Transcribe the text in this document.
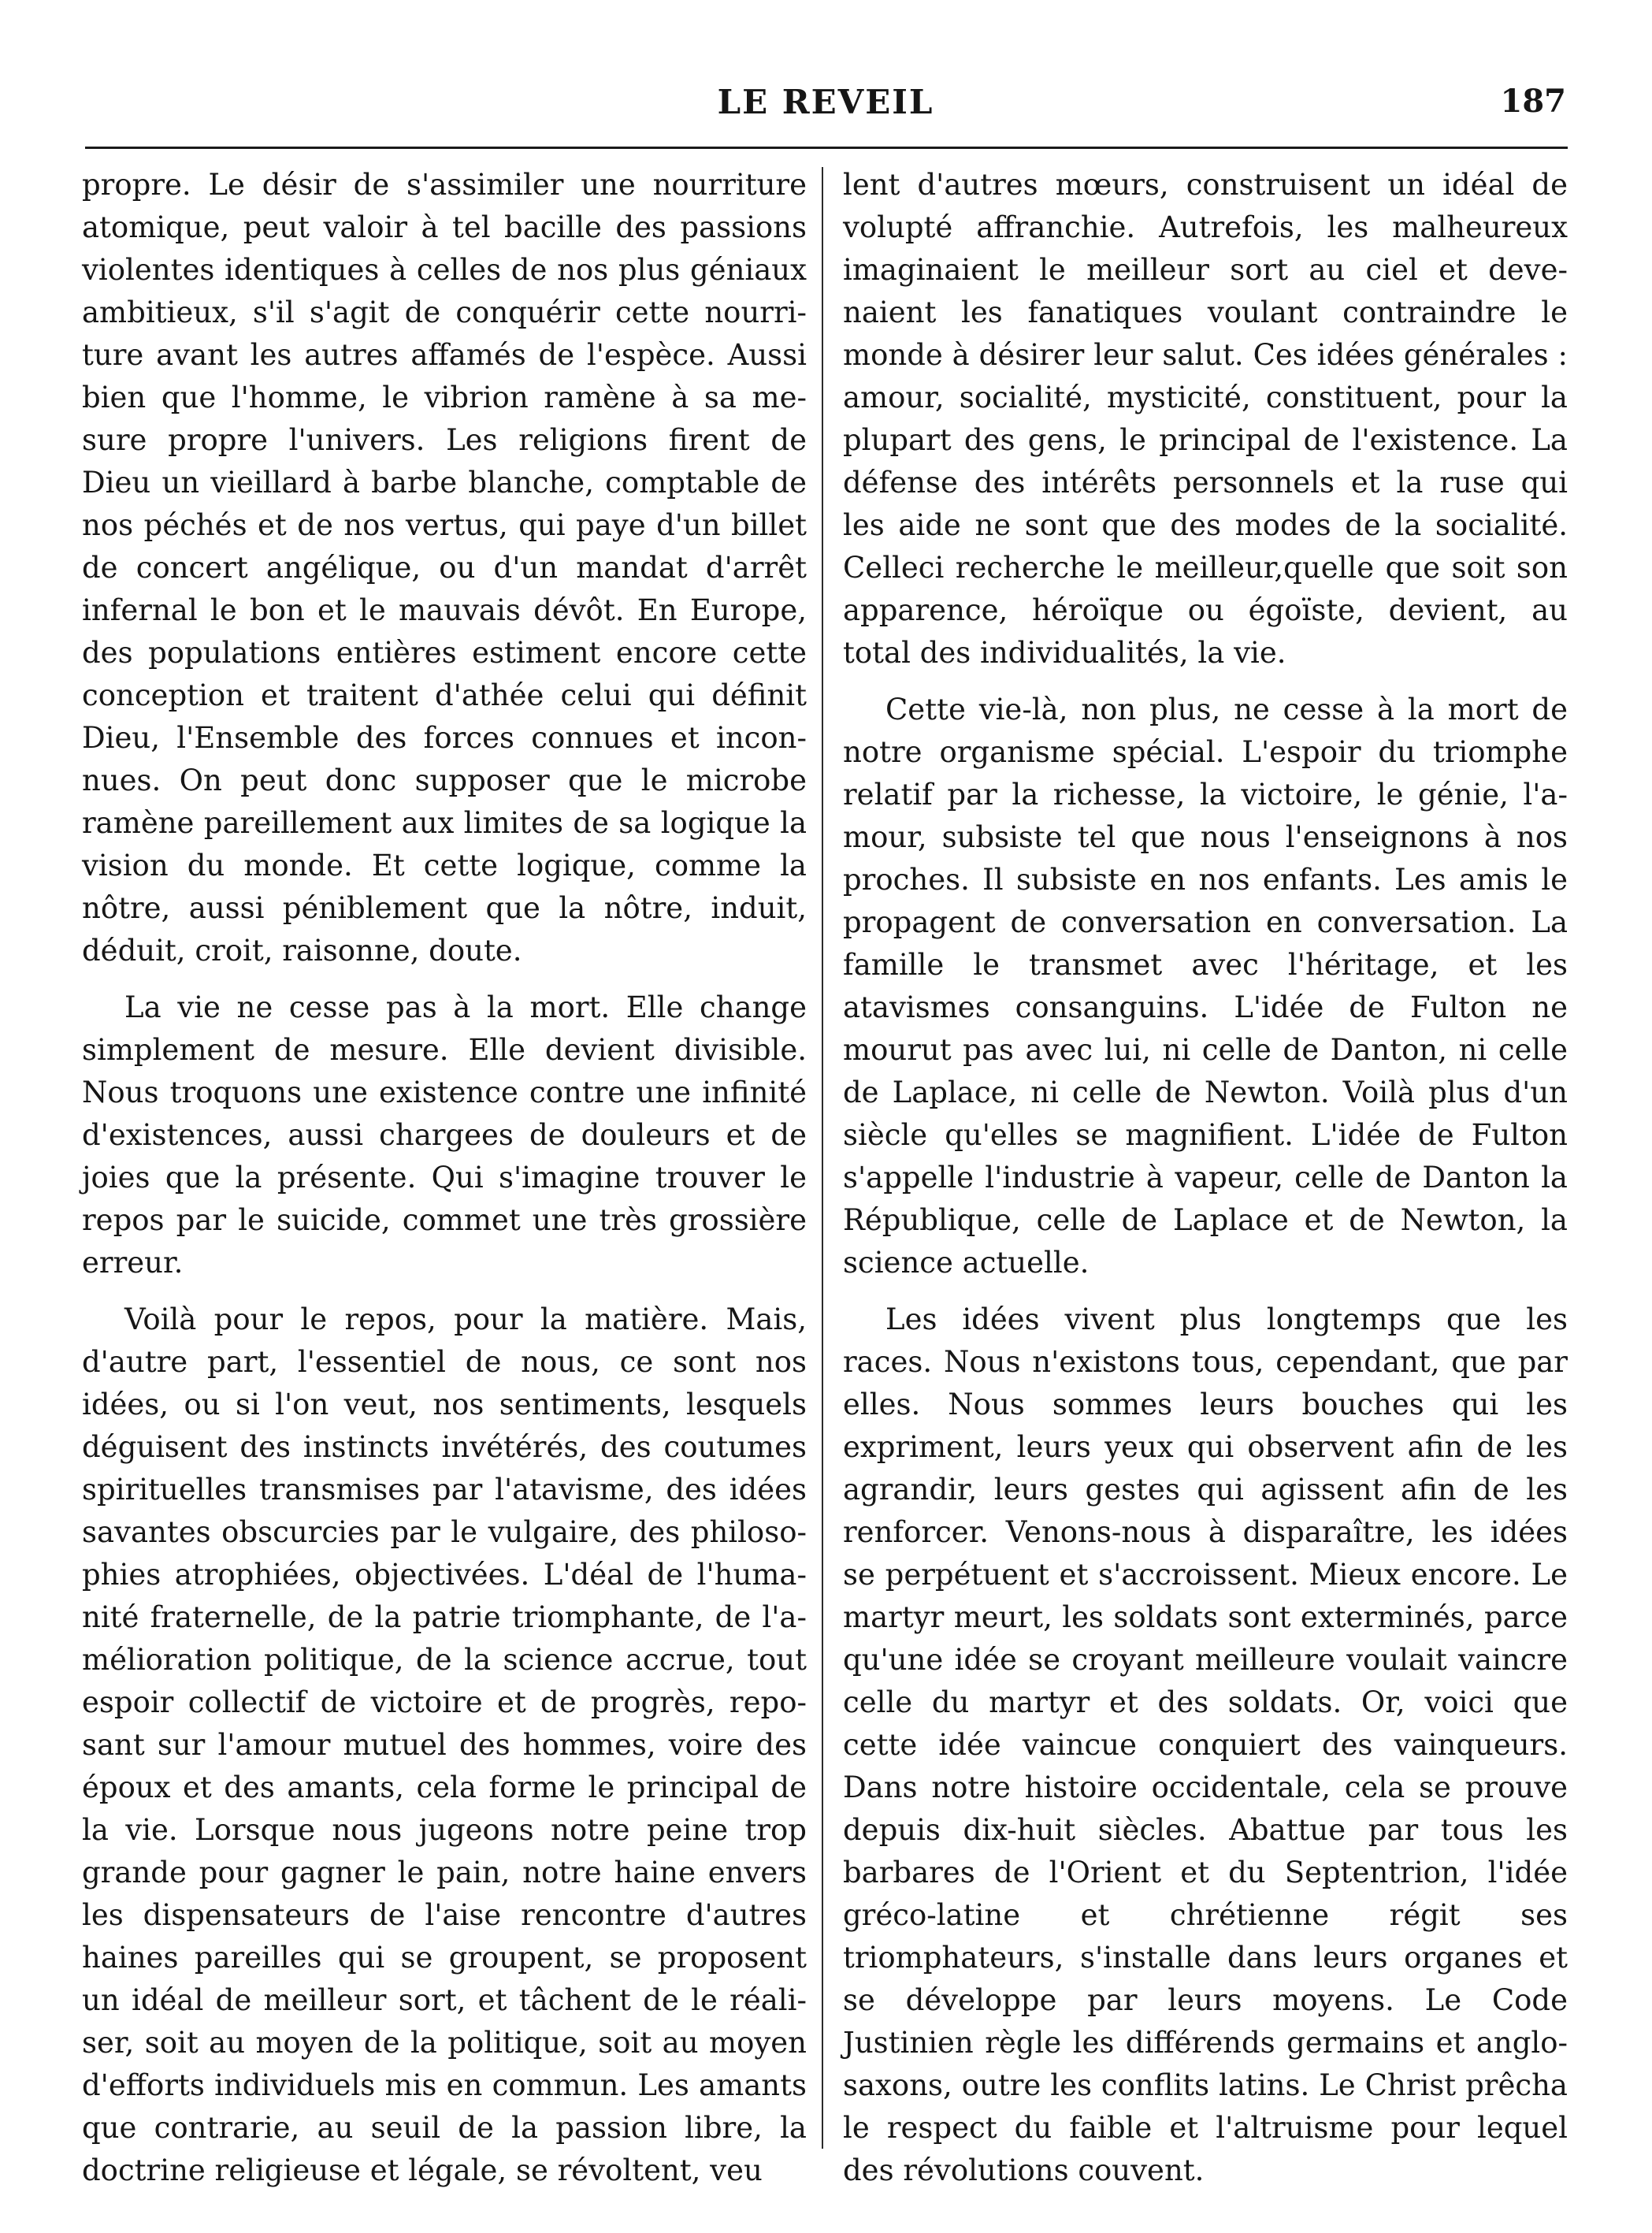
LE REVEIL	187

propre. Le désir de s'assimiler une nourriture atomique, peut valoir à tel bacille des passions violentes identiques à celles de nos plus géniaux ambitieux, s'il s'agit de conquérir cette nourriture avant les autres affamés de l'espèce. Aussi bien que l'homme, le vibrion ramène à sa mesure propre l'univers. Les religions firent de Dieu un vieillard à barbe blanche, comptable de nos péchés et de nos vertus, qui paye d'un billet de concert angélique, ou d'un mandat d'arrêt infernal le bon et le mauvais dévôt. En Europe, des populations entières estiment encore cette conception et traitent d'athée celui qui définit Dieu, l'Ensemble des forces connues et inconnues. On peut donc supposer que le microbe ramène pareillement aux limites de sa logique la vision du monde. Et cette logique, comme la nôtre, aussi péniblement que la nôtre, induit, déduit, croit, raisonne, doute.

La vie ne cesse pas à la mort. Elle change simplement de mesure. Elle devient divisible. Nous troquons une existence contre une infinité d'existences, aussi chargees de douleurs et de joies que la présente. Qui s'imagine trouver le repos par le suicide, commet une très grossière erreur.

Voilà pour le repos, pour la matière. Mais, d'autre part, l'essentiel de nous, ce sont nos idées, ou si l'on veut, nos sentiments, lesquels déguisent des instincts invétérés, des coutumes spirituelles transmises par l'atavisme, des idées savantes obscurcies par le vulgaire, des philosophies atrophiées, objectivées. L'déal de l'humanité fraternelle, de la patrie triomphante, de l'amélioration politique, de la science accrue, tout espoir collectif de victoire et de progrès, reposant sur l'amour mutuel des hommes, voire des époux et des amants, cela forme le principal de la vie. Lorsque nous jugeons notre peine trop grande pour gagner le pain, notre haine envers les dispensateurs de l'aise rencontre d'autres haines pareilles qui se groupent, se proposent un idéal de meilleur sort, et tâchent de le réaliser, soit au moyen de la politique, soit au moyen d'efforts individuels mis en commun. Les amants que contrarie, au seuil de la passion libre, la doctrine religieuse et légale, se révoltent, veu

lent d'autres mœurs, construisent un idéal de volupté affranchie. Autrefois, les malheureux imaginaient le meilleur sort au ciel et devenaient les fanatiques voulant contraindre le monde à désirer leur salut. Ces idées générales : amour, socialité, mysticité, constituent, pour la plupart des gens, le principal de l'existence. La défense des intérêts personnels et la ruse qui les aide ne sont que des modes de la socialité. Celleci recherche le meilleur,quelle que soit son apparence, héroïque ou égoïste, devient, au total des individualités, la vie.

Cette vie-là, non plus, ne cesse à la mort de notre organisme spécial. L'espoir du triomphe relatif par la richesse, la victoire, le génie, l'amour, subsiste tel que nous l'enseignons à nos proches. Il subsiste en nos enfants. Les amis le propagent de conversation en conversation. La famille le transmet avec l'héritage, et les atavismes consanguins. L'idée de Fulton ne mourut pas avec lui, ni celle de Danton, ni celle de Laplace, ni celle de Newton. Voilà plus d'un siècle qu'elles se magnifient. L'idée de Fulton s'appelle l'industrie à vapeur, celle de Danton la République, celle de Laplace et de Newton, la science actuelle.

Les idées vivent plus longtemps que les races. Nous n'existons tous, cependant, que par elles. Nous sommes leurs bouches qui les expriment, leurs yeux qui observent afin de les agrandir, leurs gestes qui agissent afin de les renforcer. Venons-nous à disparaître, les idées se perpétuent et s'accroissent. Mieux encore. Le martyr meurt, les soldats sont exterminés, parce qu'une idée se croyant meilleure voulait vaincre celle du martyr et des soldats. Or, voici que cette idée vaincue conquiert des vainqueurs. Dans notre histoire occidentale, cela se prouve depuis dix-huit siècles. Abattue par tous les barbares de l'Orient et du Septentrion, l'idée gréco-latine et chrétienne régit ses triomphateurs, s'installe dans leurs organes et se développe par leurs moyens. Le Code Justinien règle les différends germains et anglo-saxons, outre les conflits latins. Le Christ prêcha le respect du faible et l'altruisme pour lequel des révolutions couvent.
